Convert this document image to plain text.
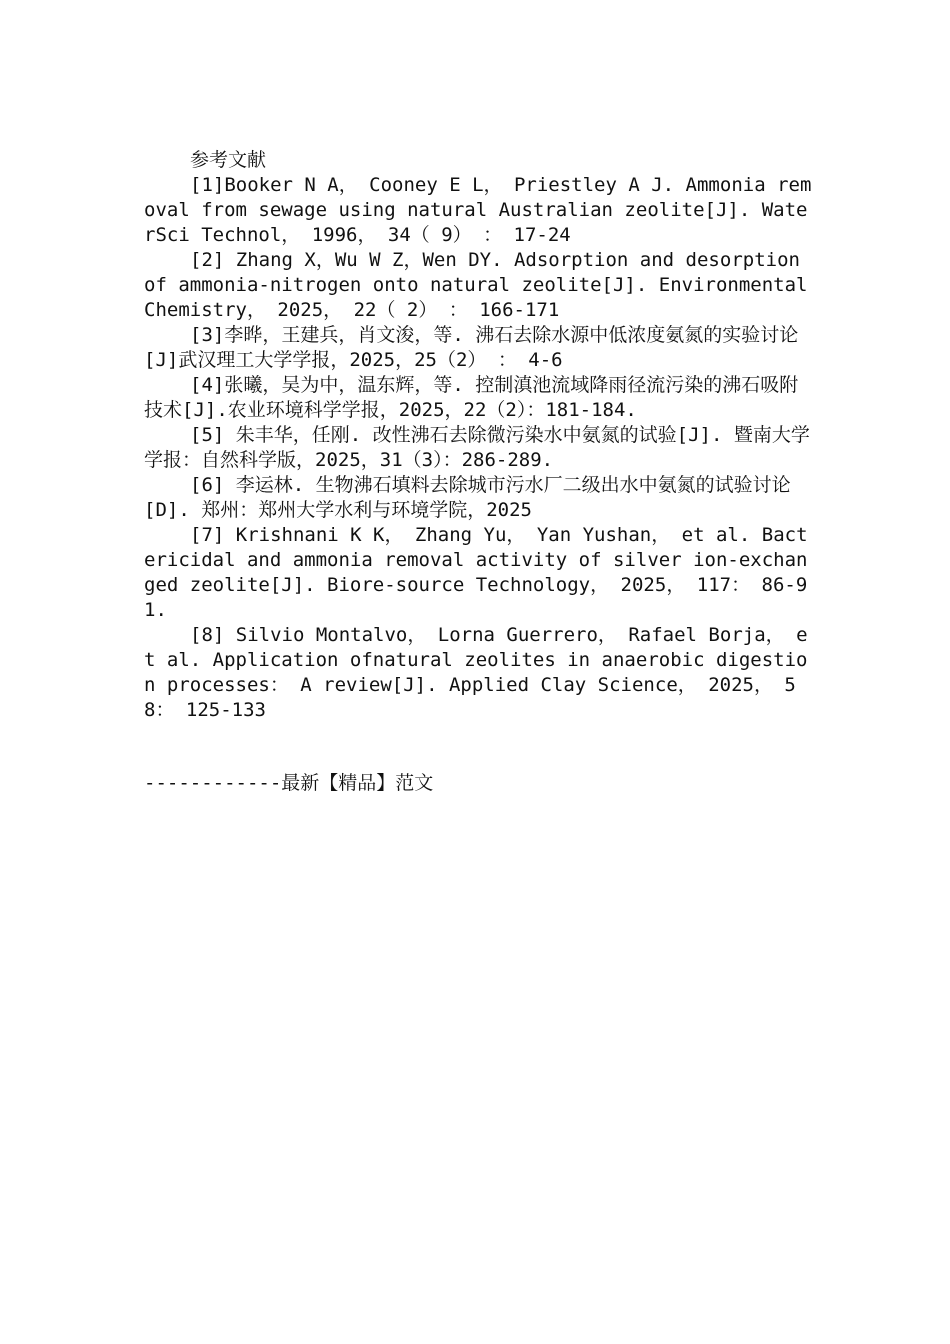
参考文献

[1]Booker N A， Cooney E L， Priestley A J. Ammonia removal from sewage using natural Australian zeolite[J]. WaterSci Technol， 1996， 34（ 9） ： 17-24

[2] Zhang X，Wu W Z，Wen DY. Adsorption and desorption of ammonia-nitrogen onto natural zeolite[J]. Environmental Chemistry， 2025， 22（ 2） ： 166-171

[3]李晔，王建兵，肖文浚，等. 沸石去除水源中低浓度氨氮的实验讨论[J]武汉理工大学学报，2025，25（2） ： 4-6

[4]张曦，吴为中，温东辉，等. 控制滇池流域降雨径流污染的沸石吸附技术[J].农业环境科学学报，2025，22（2）：181-184.

[5] 朱丰华，任刚. 改性沸石去除微污染水中氨氮的试验[J]. 暨南大学学报：自然科学版，2025，31（3）：286-289.

[6] 李运林. 生物沸石填料去除城市污水厂二级出水中氨氮的试验讨论[D]. 郑州：郑州大学水利与环境学院，2025

[7] Krishnani K K， Zhang Yu， Yan Yushan， et al. Bactericidal and ammonia removal activity of silver ion-exchanged zeolite[J]. Biore-source Technology， 2025， 117： 86-91.

[8] Silvio Montalvo， Lorna Guerrero， Rafael Borja， et al. Application ofnatural zeolites in anaerobic digestion processes： A review[J]. Applied Clay Science， 2025， 58： 125-133

------------最新【精品】范文
